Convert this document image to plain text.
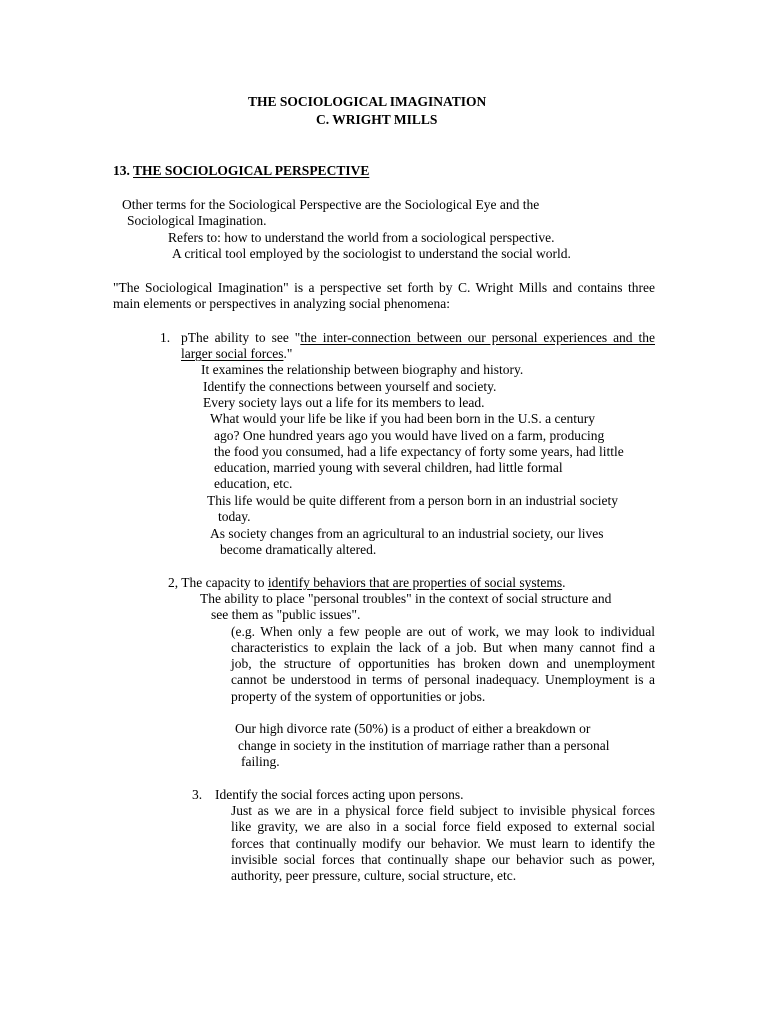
THE SOCIOLOGICAL IMAGINATION
C. WRIGHT MILLS
13. THE SOCIOLOGICAL PERSPECTIVE
Other terms for the Sociological Perspective are the Sociological Eye and the
Sociological Imagination.
Refers to: how to understand the world from a sociological perspective.
A critical tool employed by the sociologist to understand the social world.
"The Sociological Imagination" is a perspective set forth by C. Wright Mills and contains three
main elements or perspectives in analyzing social phenomena:
1. pThe ability to see "the inter-connection between our personal experiences and the
larger social forces."
It examines the relationship between biography and history.
Identify the connections between yourself and society.
Every society lays out a life for its members to lead.
What would your life be like if you had been born in the U.S. a century
ago? One hundred years ago you would have lived on a farm, producing
the food you consumed, had a life expectancy of forty some years, had little
education, married young with several children, had little formal
education, etc.
This life would be quite different from a person born in an industrial society
today.
As society changes from an agricultural to an industrial society, our lives
become dramatically altered.
2, The capacity to identify behaviors that are properties of social systems.
The ability to place "personal troubles" in the context of social structure and
see them as "public issues".
(e.g. When only a few people are out of work, we may look to individual
characteristics to explain the lack of a job. But when many cannot find a
job, the structure of opportunities has broken down and unemployment
cannot be understood in terms of personal inadequacy. Unemployment is a
property of the system of opportunities or jobs.
Our high divorce rate (50%) is a product of either a breakdown or
change in society in the institution of marriage rather than a personal
failing.
3. Identify the social forces acting upon persons.
Just as we are in a physical force field subject to invisible physical forces
like gravity, we are also in a social force field exposed to external social
forces that continually modify our behavior. We must learn to identify the
invisible social forces that continually shape our behavior such as power,
authority, peer pressure, culture, social structure, etc.
